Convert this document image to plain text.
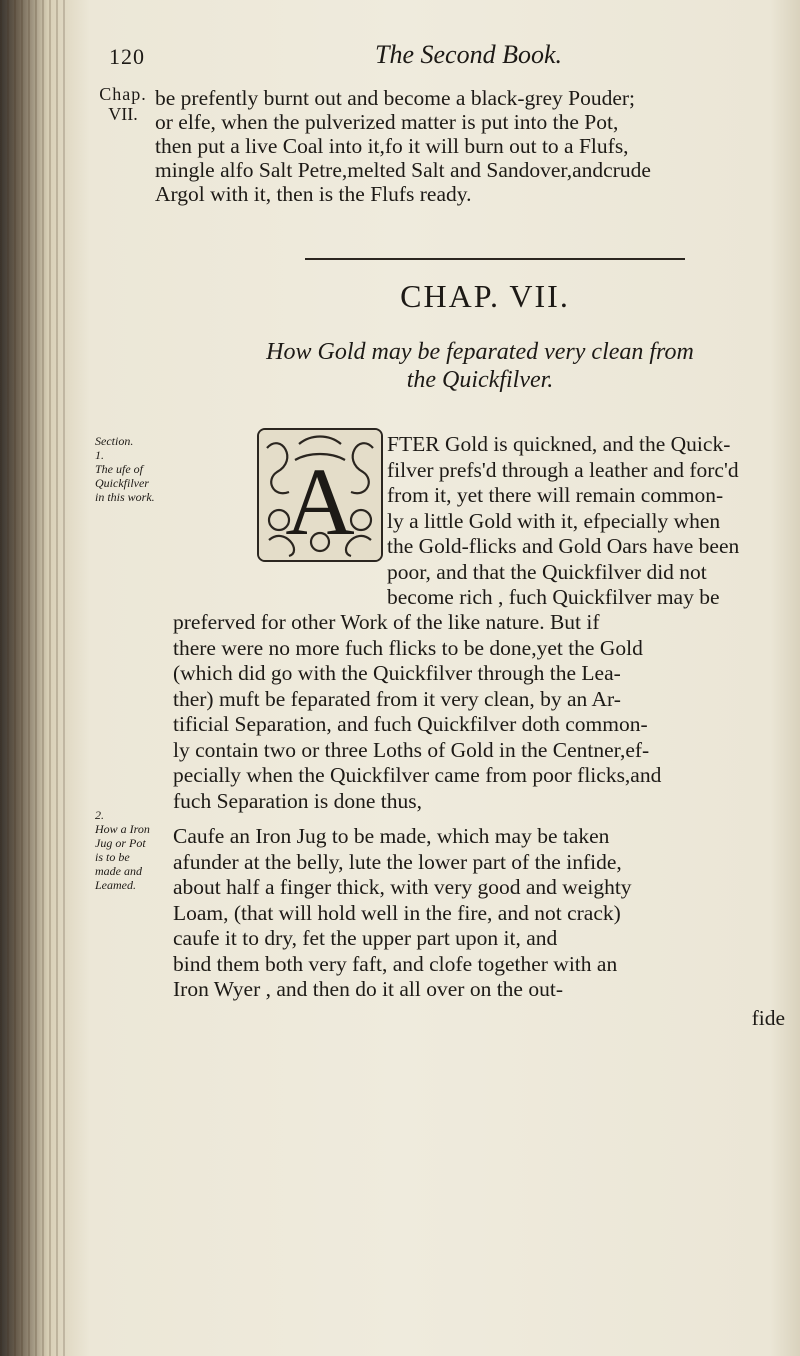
120	The Second Book.
Chap.
VII.
be prefently burnt out and become a black-grey Pouder;
or elfe, when the pulverized matter is put into the Pot,
then put a live Coal into it,fo it will burn out to a Flufs,
mingle alfo Salt Petre,melted Salt and Sandover,andcrude
Argol with it, then is the Flufs ready.
CHAP. VII.
How Gold may be feparated very clean from the Quickfilver.
Section.
1.
The ufe of
Quickfilver
in this work. A
FTER Gold is quickned, and the Quick-
filver prefs'd through a leather and forc'd
from it, yet there will remain common-
ly a little Gold with it, efpecially when
the Gold-flicks and Gold Oars have been
poor, and that the Quickfilver did not
become rich , fuch Quickfilver may be
preferved for other Work of the like nature. But if
there were no more fuch flicks to be done,yet the Gold
(which did go with the Quickfilver through the Lea-
ther) muft be feparated from it very clean, by an Ar-
tificial Separation, and fuch Quickfilver doth common-
ly contain two or three Loths of Gold in the Centner,ef-
pecially when the Quickfilver came from poor flicks,and
fuch Separation is done thus,
2.
How a Iron
Jug or Pot
is to be
made and
Leamed.
Caufe an Iron Jug to be made, which may be taken
afunder at the belly, lute the lower part of the infide,
about half a finger thick, with very good and weighty
Loam, (that will hold well in the fire, and not crack)
caufe it to dry, fet the upper part upon it, and
bind them both very faft, and clofe together with an
Iron Wyer , and then do it all over on the out-
fide
